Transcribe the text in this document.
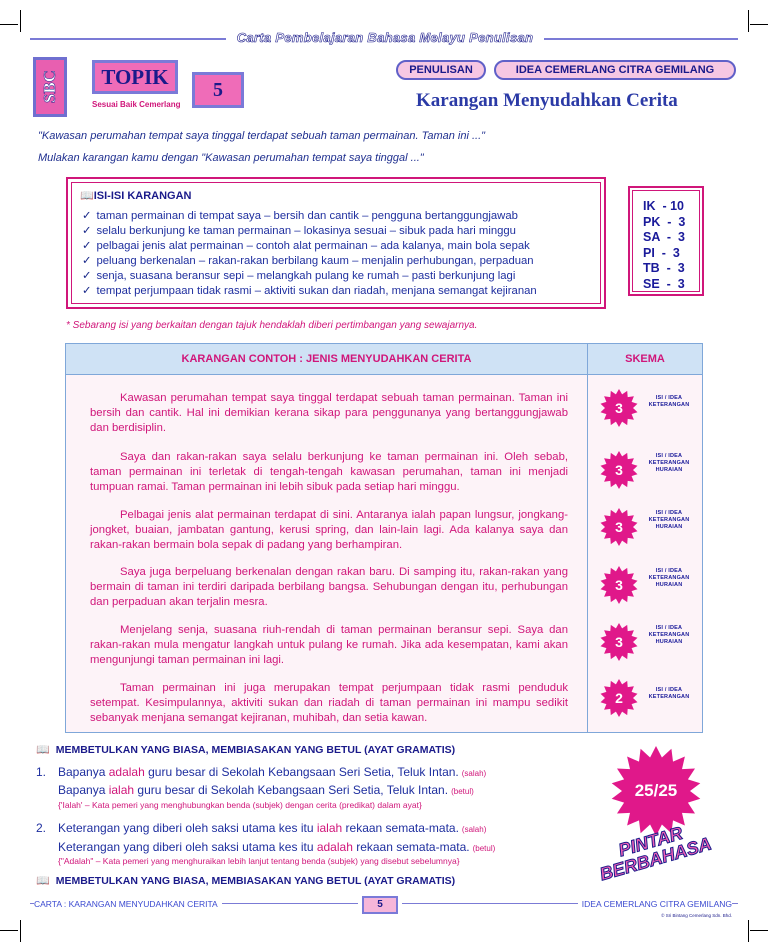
Carta Pembelajaran Bahasa Melayu Penulisan
SBC	TOPIK
5
Sesuai Baik Cemerlang
PENULISAN	IDEA CEMERLANG CITRA GEMILANG
Karangan Menyudahkan Cerita
"Kawasan perumahan tempat saya tinggal terdapat sebuah taman permainan. Taman ini ..."
Mulakan karangan kamu dengan "Kawasan perumahan tempat saya tinggal ..."
📖ISI-ISI KARANGAN
✓ taman permainan di tempat saya – bersih dan cantik – pengguna bertanggungjawab
✓ selalu berkunjung ke taman permainan – lokasinya sesuai – sibuk pada hari minggu
✓ pelbagai jenis alat permainan – contoh alat permainan – ada kalanya, main bola sepak
✓ peluang berkenalan – rakan-rakan berbilang kaum – menjalin perhubungan, perpaduan
✓ senja, suasana beransur sepi – melangkah pulang ke rumah – pasti berkunjung lagi
✓ tempat perjumpaan tidak rasmi – aktiviti sukan dan riadah, menjana semangat kejiranan
IK  - 10
PK  -  3
SA  -  3
PI  -  3
TB  -  3
SE  -  3
* Sebarang isi yang berkaitan dengan tajuk hendaklah diberi pertimbangan yang sewajarnya.
KARANGAN CONTOH : JENIS MENYUDAHKAN CERITA	SKEMA
Kawasan perumahan tempat saya tinggal terdapat sebuah taman permainan. Taman ini bersih dan cantik. Hal ini demikian kerana sikap para penggunanya yang bertanggungjawab dan berdisiplin.
3
ISI / IDEA
KETERANGAN
Saya dan rakan-rakan saya selalu berkunjung ke taman permainan ini. Oleh sebab, taman permainan ini terletak di tengah-tengah kawasan perumahan, taman ini menjadi tumpuan ramai. Taman permainan ini lebih sibuk pada setiap hari minggu.
3
ISI / IDEA
KETERANGAN
HURAIAN
Pelbagai jenis alat permainan terdapat di sini. Antaranya ialah papan lungsur, jongkang-jongket, buaian, jambatan gantung, kerusi spring, dan lain-lain lagi. Ada kalanya saya dan rakan-rakan bermain bola sepak di padang yang berhampiran.
3
ISI / IDEA
KETERANGAN
HURAIAN
Saya juga berpeluang berkenalan dengan rakan baru. Di samping itu, rakan-rakan yang bermain di taman ini terdiri daripada berbilang bangsa. Sehubungan dengan itu, perhubungan dan perpaduan akan terjalin mesra.
3
ISI / IDEA
KETERANGAN
HURAIAN
Menjelang senja, suasana riuh-rendah di taman permainan beransur sepi. Saya dan rakan-rakan mula mengatur langkah untuk pulang ke rumah. Jika ada kesempatan, kami akan mengunjungi taman permainan ini lagi.
3
ISI / IDEA
KETERANGAN
HURAIAN
Taman permainan ini juga merupakan tempat perjumpaan tidak rasmi penduduk setempat. Kesimpulannya, aktiviti sukan dan riadah di taman permainan ini mampu sedikit sebanyak menjana semangat kejiranan, muhibah, dan setia kawan.
2	ISI / IDEA
KETERANGAN
📖 MEMBETULKAN YANG BIASA, MEMBIASAKAN YANG BETUL (AYAT GRAMATIS)
1. Bapanya adalah guru besar di Sekolah Kebangsaan Seri Setia, Teluk Intan. (salah)
Bapanya ialah guru besar di Sekolah Kebangsaan Seri Setia, Teluk Intan. (betul)
{'Ialah' – Kata pemeri yang menghubungkan benda (subjek) dengan cerita (predikat) dalam ayat}
2. Keterangan yang diberi oleh saksi utama kes itu ialah rekaan semata-mata. (salah)
Keterangan yang diberi oleh saksi utama kes itu adalah rekaan semata-mata. (betul)
{"Adalah" – Kata pemeri yang menghuraikan lebih lanjut tentang benda (subjek) yang disebut sebelumnya}
📖 MEMBETULKAN YANG BIASA, MEMBIASAKAN YANG BETUL (AYAT GRAMATIS)
25/25
PINTAR BERBAHASA
CARTA : KARANGAN MENYUDAHKAN CERITA	5	IDEA CEMERLANG CITRA GEMILANG
© Sri Bintang Cemerlang Sdn. Bhd.
